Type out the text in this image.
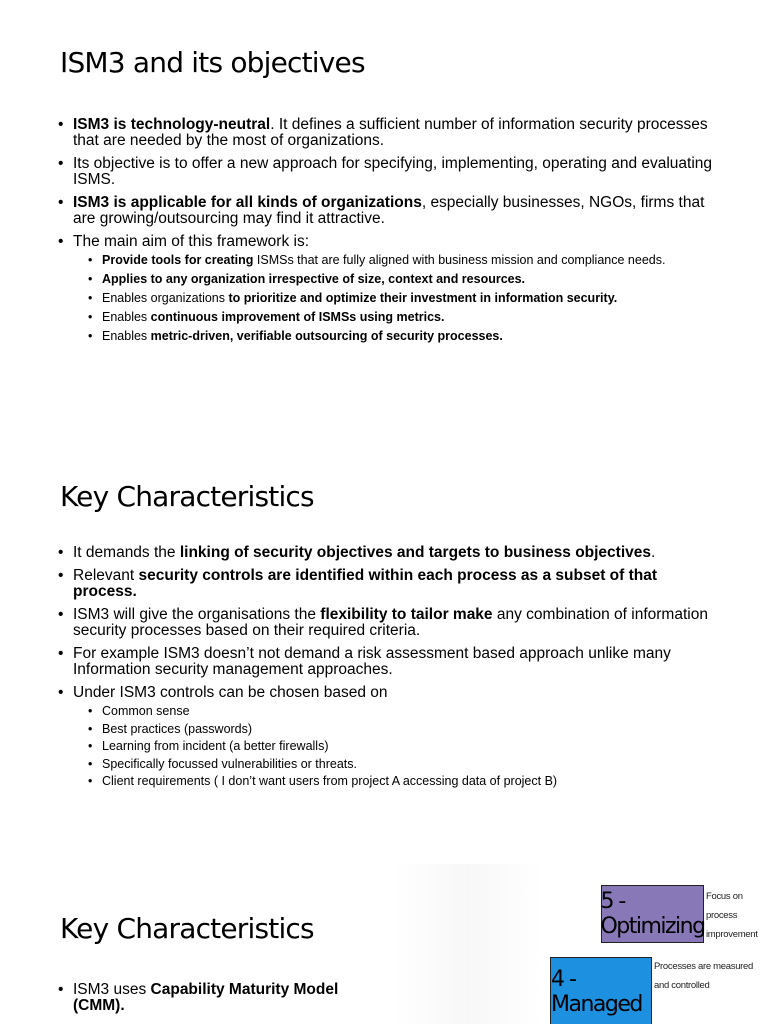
ISM3 and its objectives
• ISM3 is technology-neutral. It defines a sufficient number of information security processes that are needed by the most of organizations.
• Its objective is to offer a new approach for specifying, implementing, operating and evaluating ISMS.
• ISM3 is applicable for all kinds of organizations, especially businesses, NGOs, firms that are growing/outsourcing may find it attractive.
• The main aim of this framework is:
• Provide tools for creating ISMSs that are fully aligned with business mission and compliance needs.
• Applies to any organization irrespective of size, context and resources.
• Enables organizations to prioritize and optimize their investment in information security.
• Enables continuous improvement of ISMSs using metrics.
• Enables metric-driven, verifiable outsourcing of security processes.
Key Characteristics
• It demands the linking of security objectives and targets to business objectives.
• Relevant security controls are identified within each process as a subset of that process.
• ISM3 will give the organisations the flexibility to tailor make any combination of information security processes based on their required criteria.
• For example ISM3 doesn’t not demand a risk assessment based approach unlike many Information security management approaches.
• Under ISM3 controls can be chosen based on
• Common sense
• Best practices (passwords)
• Learning from incident (a better firewalls)
• Specifically focussed vulnerabilities or threats.
• Client requirements ( I don’t want users from project A accessing data of project B)
Key Characteristics
• ISM3 uses Capability Maturity Model (CMM).
5 -Optimizing
Focus on process improvement
4 -Managed
Processes are measured and controlled
